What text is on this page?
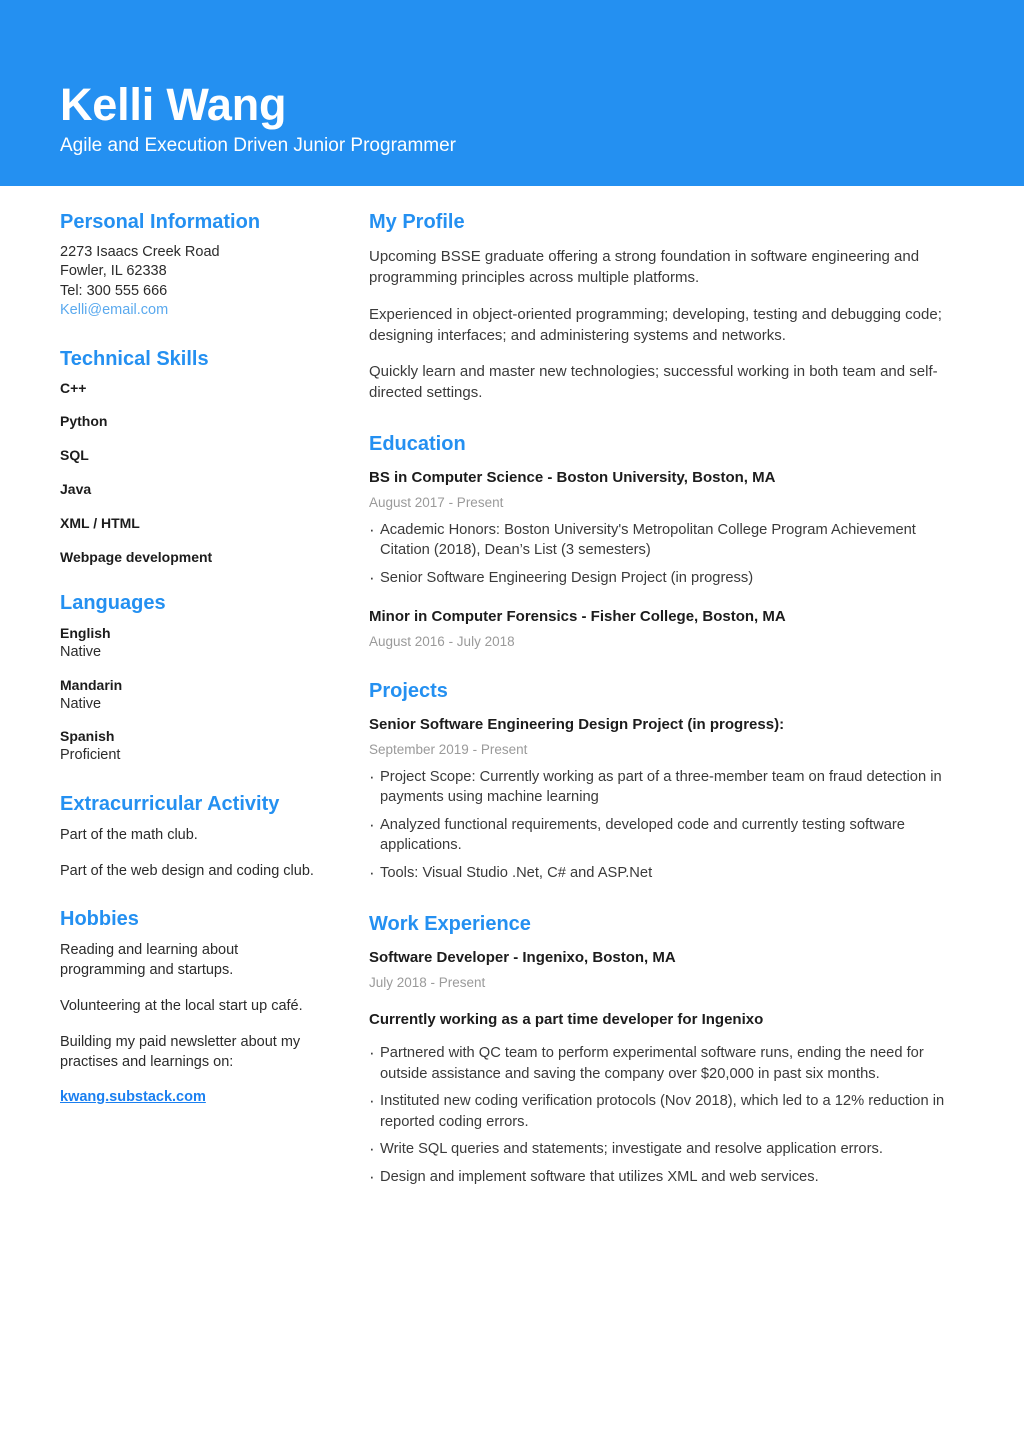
Kelli Wang
Agile and Execution Driven Junior Programmer
Personal Information
2273 Isaacs Creek Road
Fowler, IL 62338
Tel: 300 555 666
Kelli@email.com
Technical Skills
C++
Python
SQL
Java
XML / HTML
Webpage development
Languages
English
Native
Mandarin
Native
Spanish
Proficient
Extracurricular Activity

Part of the math club.

Part of the web design and coding club.

Hobbies

Reading and learning about programming and startups.

Volunteering at the local start up café.

Building my paid newsletter about my practises and learnings on:

kwang.substack.com
My Profile

Upcoming BSSE graduate offering a strong foundation in software engineering and programming principles across multiple platforms.

Experienced in object-oriented programming; developing, testing and debugging code; designing interfaces; and administering systems and networks.

Quickly learn and master new technologies; successful working in both team and self-directed settings.

Education
BS in Computer Science - Boston University, Boston, MA
August 2017 - Present
· Academic Honors: Boston University's Metropolitan College Program Achievement Citation (2018), Dean’s List (3 semesters)
· Senior Software Engineering Design Project (in progress)
Minor in Computer Forensics - Fisher College, Boston, MA
August 2016 - July 2018
Projects
Senior Software Engineering Design Project (in progress):
September 2019 - Present
· Project Scope: Currently working as part of a three-member team on fraud detection in payments using machine learning
· Analyzed functional requirements, developed code and currently testing software applications.
· Tools: Visual Studio .Net, C# and ASP.Net
Work Experience
Software Developer - Ingenixo, Boston, MA
July 2018 - Present
Currently working as a part time developer for Ingenixo
· Partnered with QC team to perform experimental software runs, ending the need for outside assistance and saving the company over $20,000 in past six months.
· Instituted new coding verification protocols (Nov 2018), which led to a 12% reduction in reported coding errors.
· Write SQL queries and statements; investigate and resolve application errors.
· Design and implement software that utilizes XML and web services.
